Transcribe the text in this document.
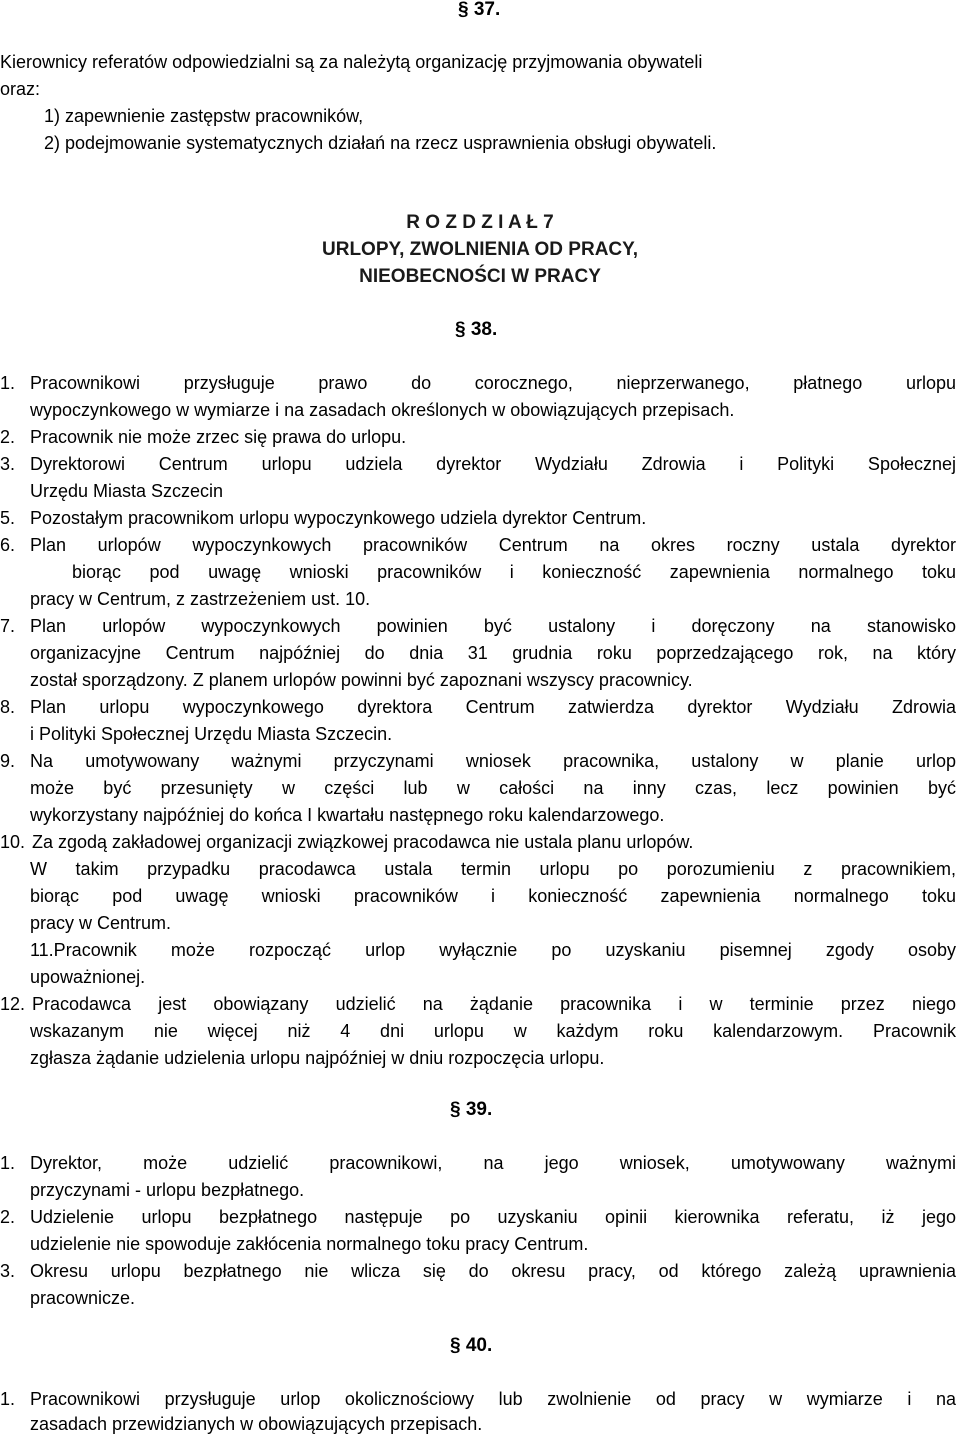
§ 37.
Kierownicy referatów odpowiedzialni są za należytą organizację przyjmowania obywateli
oraz:
1) zapewnienie zastępstw pracowników,
2) podejmowanie systematycznych działań na rzecz usprawnienia obsługi obywateli.
R O Z D Z I A Ł 7
URLOPY, ZWOLNIENIA OD PRACY,
NIEOBECNOŚCI W PRACY
§ 38.
1. Pracownikowi przysługuje prawo do corocznego, nieprzerwanego, płatnego urlopu
wypoczynkowego w wymiarze i na zasadach określonych w obowiązujących przepisach.
2. Pracownik nie może zrzec się prawa do urlopu.
3. Dyrektorowi Centrum urlopu udziela dyrektor Wydziału Zdrowia i Polityki Społecznej
Urzędu Miasta Szczecin
5. Pozostałym pracownikom urlopu wypoczynkowego udziela dyrektor Centrum.
6. Plan urlopów wypoczynkowych pracowników Centrum na okres roczny ustala dyrektor
biorąc pod uwagę wnioski pracowników i konieczność zapewnienia normalnego toku
pracy w Centrum, z zastrzeżeniem ust. 10.
7. Plan urlopów wypoczynkowych powinien być ustalony i doręczony na stanowisko
organizacyjne Centrum najpóźniej do dnia 31 grudnia roku poprzedzającego rok, na który
został sporządzony. Z planem urlopów powinni być zapoznani wszyscy pracownicy.
8. Plan urlopu wypoczynkowego dyrektora Centrum zatwierdza dyrektor Wydziału Zdrowia
i Polityki Społecznej Urzędu Miasta Szczecin.
9. Na umotywowany ważnymi przyczynami wniosek pracownika, ustalony w planie urlop
może być przesunięty w części lub w całości na inny czas, lecz powinien być
wykorzystany najpóźniej do końca I kwartału następnego roku kalendarzowego.
10. Za zgodą zakładowej organizacji związkowej pracodawca nie ustala planu urlopów.
W takim przypadku pracodawca ustala termin urlopu po porozumieniu z pracownikiem,
biorąc pod uwagę wnioski pracowników i konieczność zapewnienia normalnego toku
pracy w Centrum.
11.Pracownik może rozpocząć urlop wyłącznie po uzyskaniu pisemnej zgody osoby
upoważnionej.
12. Pracodawca jest obowiązany udzielić na żądanie pracownika i w terminie przez niego
wskazanym nie więcej niż 4 dni urlopu w każdym roku kalendarzowym. Pracownik
zgłasza żądanie udzielenia urlopu najpóźniej w dniu rozpoczęcia urlopu.
§ 39.
1. Dyrektor, może udzielić pracownikowi, na jego wniosek, umotywowany ważnymi
przyczynami - urlopu bezpłatnego.
2. Udzielenie urlopu bezpłatnego następuje po uzyskaniu opinii kierownika referatu, iż jego
udzielenie nie spowoduje zakłócenia normalnego toku pracy Centrum.
3. Okresu urlopu bezpłatnego nie wlicza się do okresu pracy, od którego zależą uprawnienia
pracownicze.
§ 40.
1. Pracownikowi przysługuje urlop okolicznościowy lub zwolnienie od pracy w wymiarze i na
zasadach przewidzianych w obowiązujących przepisach.
